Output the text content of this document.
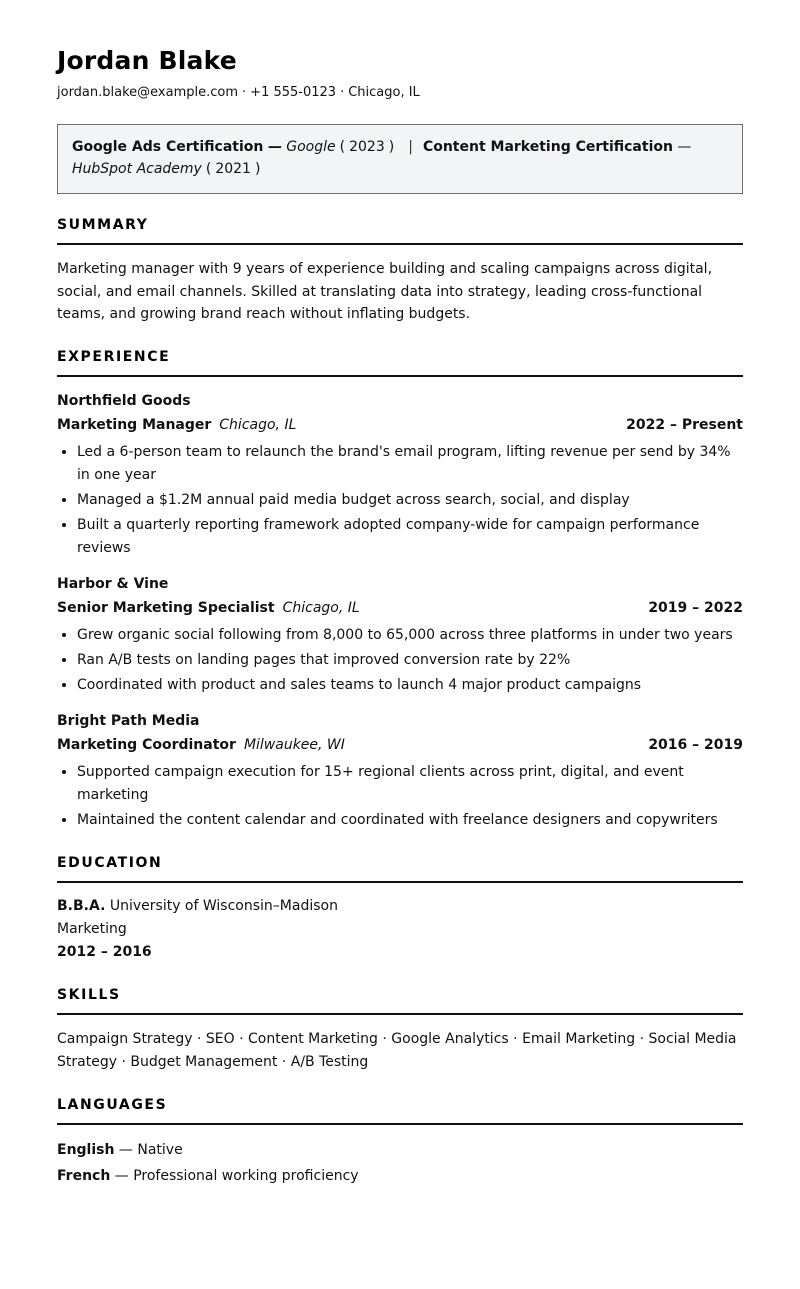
Jordan Blake
jordan.blake@example.com · +1 555-0123 · Chicago, IL
Google Ads Certification — Google ( 2023 ) | Content Marketing Certification — HubSpot Academy ( 2021 )
SUMMARY
Marketing manager with 9 years of experience building and scaling campaigns across digital, social, and email channels. Skilled at translating data into strategy, leading cross-functional teams, and growing brand reach without inflating budgets.
EXPERIENCE
Northfield Goods
Marketing Manager Chicago, IL	2022 – Present
• Led a 6-person team to relaunch the brand's email program, lifting revenue per send by 34% in one year
• Managed a $1.2M annual paid media budget across search, social, and display
• Built a quarterly reporting framework adopted company-wide for campaign performance reviews
Harbor & Vine
Senior Marketing Specialist Chicago, IL	2019 – 2022
• Grew organic social following from 8,000 to 65,000 across three platforms in under two years
• Ran A/B tests on landing pages that improved conversion rate by 22%
• Coordinated with product and sales teams to launch 4 major product campaigns
Bright Path Media
Marketing Coordinator Milwaukee, WI	2016 – 2019
• Supported campaign execution for 15+ regional clients across print, digital, and event marketing
• Maintained the content calendar and coordinated with freelance designers and copywriters
EDUCATION
B.B.A. University of Wisconsin–Madison
Marketing
2012 – 2016
SKILLS
Campaign Strategy · SEO · Content Marketing · Google Analytics · Email Marketing · Social Media Strategy · Budget Management · A/B Testing
LANGUAGES
English — Native
French — Professional working proficiency
